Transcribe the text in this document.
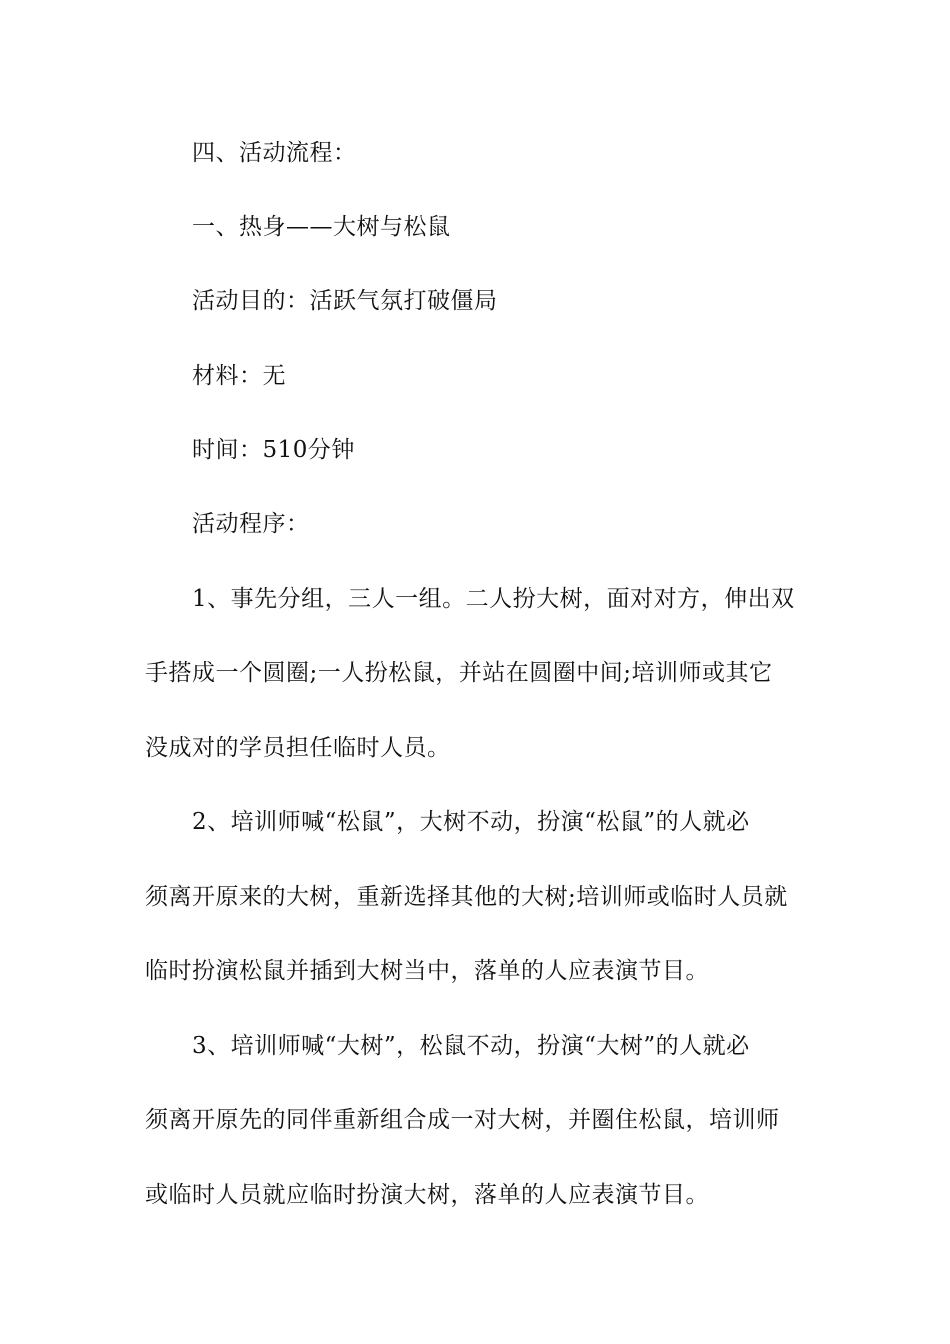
四、活动流程：
一、热身——大树与松鼠
活动目的：活跃气氛打破僵局
材料：无
时间：510分钟
活动程序：
1、事先分组，三人一组。二人扮大树，面对对方，伸出双
手搭成一个圆圈;一人扮松鼠，并站在圆圈中间;培训师或其它
没成对的学员担任临时人员。
2、培训师喊“松鼠”，大树不动，扮演“松鼠”的人就必
须离开原来的大树，重新选择其他的大树;培训师或临时人员就
临时扮演松鼠并插到大树当中，落单的人应表演节目。
3、培训师喊“大树”，松鼠不动，扮演“大树”的人就必
须离开原先的同伴重新组合成一对大树，并圈住松鼠，培训师
或临时人员就应临时扮演大树，落单的人应表演节目。
